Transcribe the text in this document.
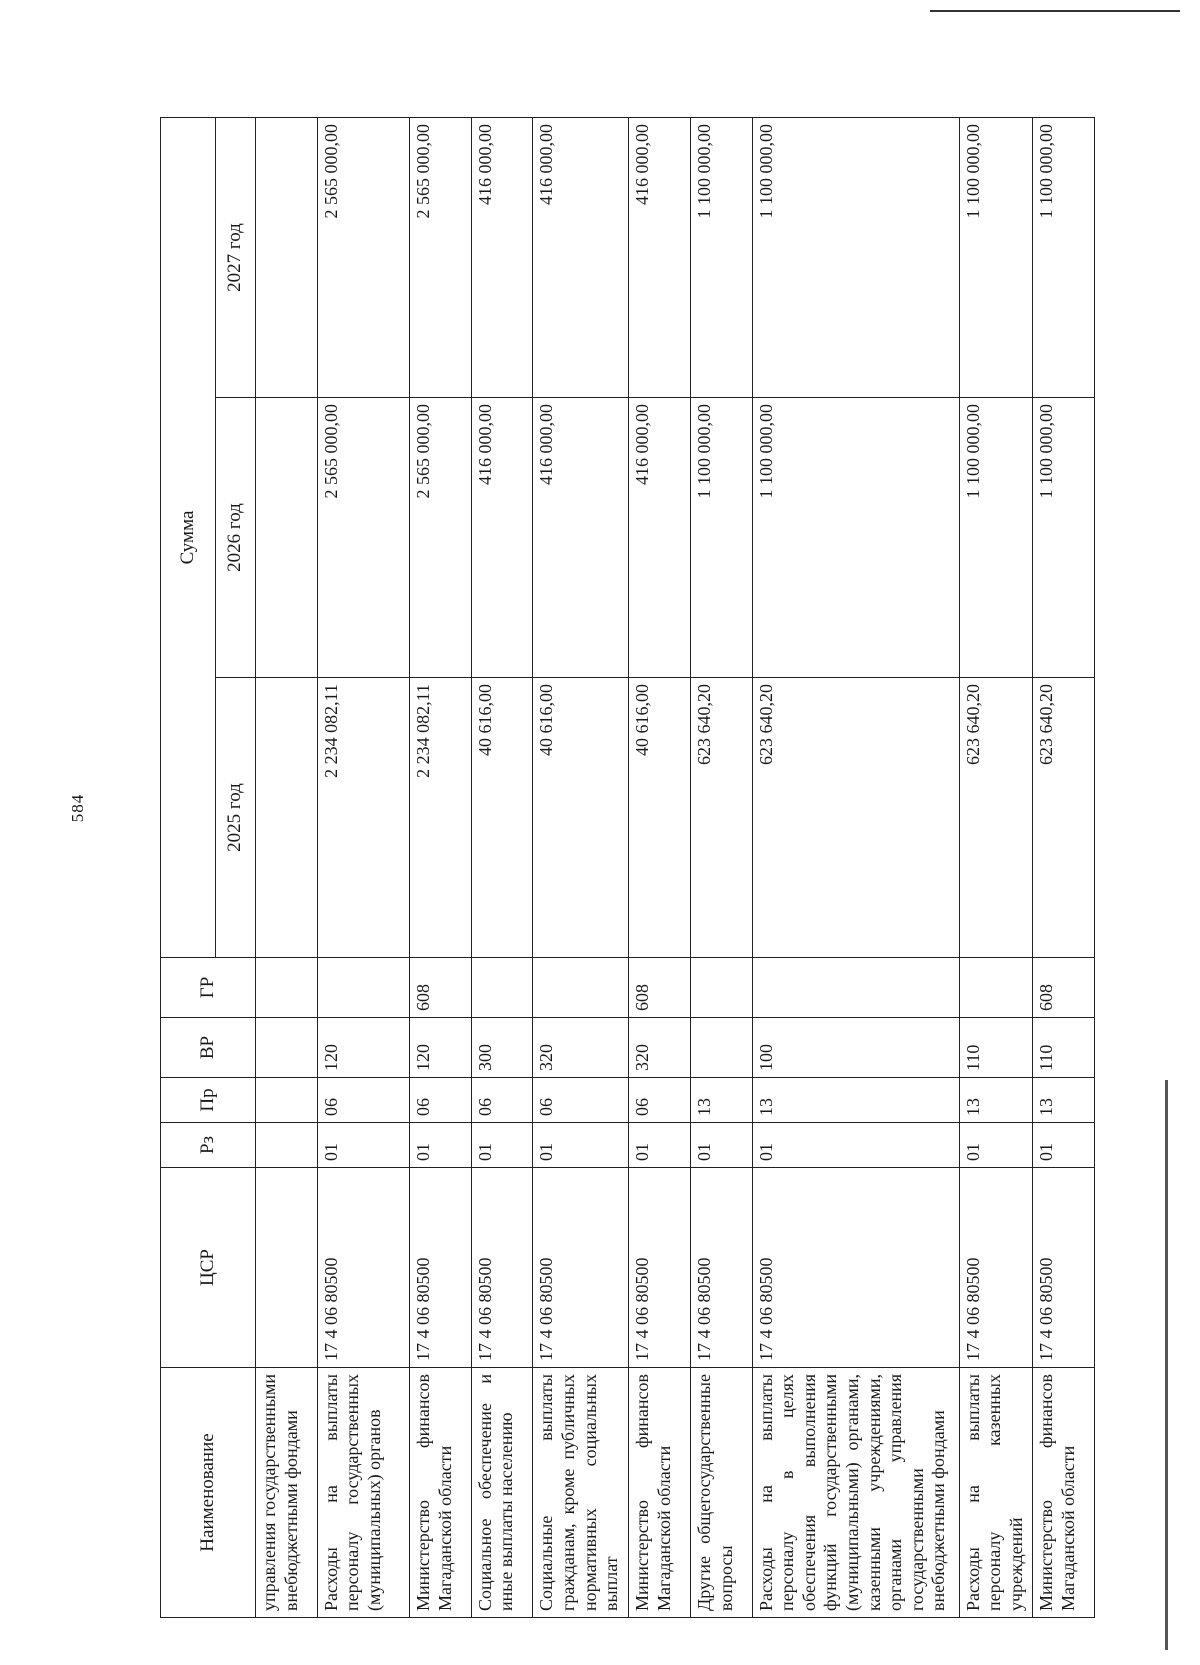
584
Наименование	ЦСР	Рз	Пр	ВР	ГР	Сумма		
						2025 год	2026 год	2027 год
управления государственными внебюджетными фондами								
Расходы на выплаты персоналу государственных (муниципальных) органов	17 4 06 80500	01	06	120		2 234 082,11	2 565 000,00	2 565 000,00
Министерство финансов Магаданской области	17 4 06 80500	01	06	120	608	2 234 082,11	2 565 000,00	2 565 000,00
Социальное обеспечение и иные выплаты населению	17 4 06 80500	01	06	300		40 616,00	416 000,00	416 000,00
Социальные выплаты гражданам, кроме публичных нормативных социальных выплат	17 4 06 80500	01	06	320		40 616,00	416 000,00	416 000,00
Министерство финансов Магаданской области	17 4 06 80500	01	06	320	608	40 616,00	416 000,00	416 000,00
Другие общегосударственные вопросы	17 4 06 80500	01	13			623 640,20	1 100 000,00	1 100 000,00
Расходы на выплаты персоналу в целях обеспечения выполнения функций государственными (муниципальными) органами, казенными учреждениями, органами управления государственными внебюджетными фондами	17 4 06 80500	01	13	100		623 640,20	1 100 000,00	1 100 000,00
Расходы на выплаты персоналу казенных учреждений	17 4 06 80500	01	13	110		623 640,20	1 100 000,00	1 100 000,00
Министерство финансов Магаданской области	17 4 06 80500	01	13	110	608	623 640,20	1 100 000,00	1 100 000,00
